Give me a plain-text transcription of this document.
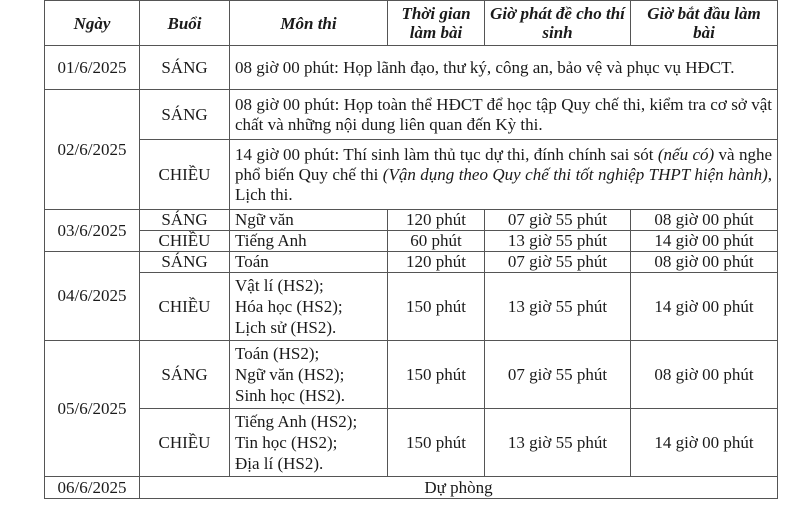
Ngày	Buổi	Môn thi	Thời gian làm bài	Giờ phát đề cho thí sinh	Giờ bắt đầu làm bài
01/6/2025	SÁNG	08 giờ 00 phút: Họp lãnh đạo, thư ký, công an, bảo vệ và phục vụ HĐCT.			
02/6/2025	SÁNG	08 giờ 00 phút: Họp toàn thể HĐCT để học tập Quy chế thi, kiểm tra cơ sở vật chất và những nội dung liên quan đến Kỳ thi.			
	CHIỀU	14 giờ 00 phút: Thí sinh làm thủ tục dự thi, đính chính sai sót (nếu có) và nghe phổ biến Quy chế thi (Vận dụng theo Quy chế thi tốt nghiệp THPT hiện hành), Lịch thi.			
03/6/2025	SÁNG	Ngữ văn	120 phút	07 giờ 55 phút	08 giờ 00 phút
	CHIỀU	Tiếng Anh	60 phút	13 giờ 55 phút	14 giờ 00 phút
04/6/2025	SÁNG	Toán	120 phút	07 giờ 55 phút	08 giờ 00 phút
	CHIỀU	Vật lí (HS2);
Hóa học (HS2);
Lịch sử (HS2).	150 phút	13 giờ 55 phút	14 giờ 00 phút
05/6/2025	SÁNG	Toán (HS2);
Ngữ văn (HS2);
Sinh học (HS2).	150 phút	07 giờ 55 phút	08 giờ 00 phút
	CHIỀU	Tiếng Anh (HS2);
Tin học (HS2);
Địa lí (HS2).	150 phút	13 giờ 55 phút	14 giờ 00 phút
06/6/2025	Dự phòng				
